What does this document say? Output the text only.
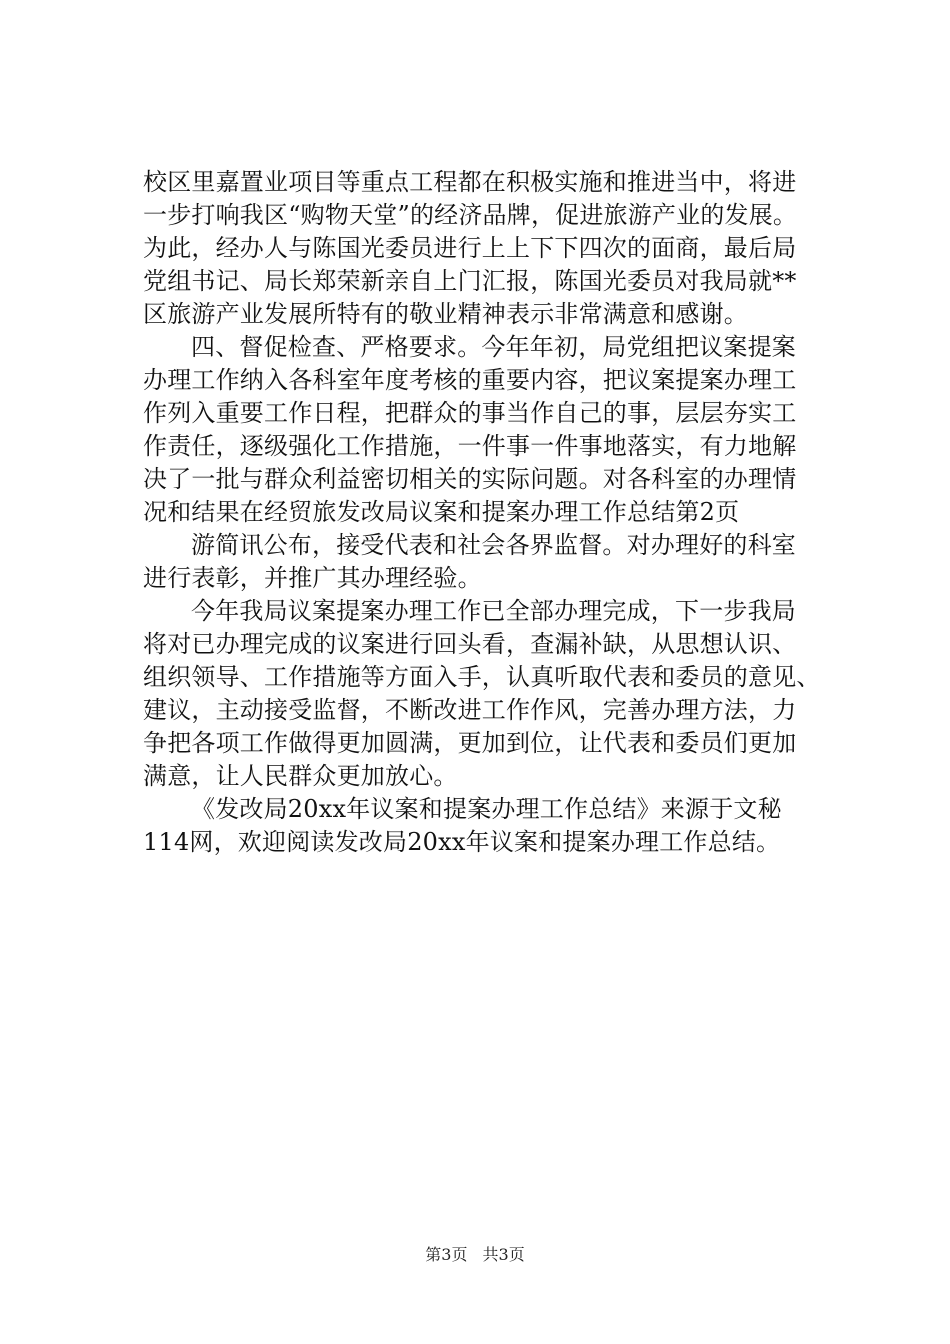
校区里嘉置业项目等重点工程都在积极实施和推进当中，将进
一步打响我区“购物天堂”的经济品牌，促进旅游产业的发展。
为此，经办人与陈国光委员进行上上下下四次的面商，最后局
党组书记、局长郑荣新亲自上门汇报，陈国光委员对我局就**
区旅游产业发展所特有的敬业精神表示非常满意和感谢。
四、督促检查、严格要求。今年年初，局党组把议案提案
办理工作纳入各科室年度考核的重要内容，把议案提案办理工
作列入重要工作日程，把群众的事当作自己的事，层层夯实工
作责任，逐级强化工作措施，一件事一件事地落实，有力地解
决了一批与群众利益密切相关的实际问题。对各科室的办理情
况和结果在经贸旅发改局议案和提案办理工作总结第2页
游简讯公布，接受代表和社会各界监督。对办理好的科室
进行表彰，并推广其办理经验。
今年我局议案提案办理工作已全部办理完成，下一步我局
将对已办理完成的议案进行回头看，查漏补缺，从思想认识、
组织领导、工作措施等方面入手，认真听取代表和委员的意见、
建议，主动接受监督，不断改进工作作风，完善办理方法，力
争把各项工作做得更加圆满，更加到位，让代表和委员们更加
满意，让人民群众更加放心。
《发改局20xx年议案和提案办理工作总结》来源于文秘
114网，欢迎阅读发改局20xx年议案和提案办理工作总结。
第3页 共3页
